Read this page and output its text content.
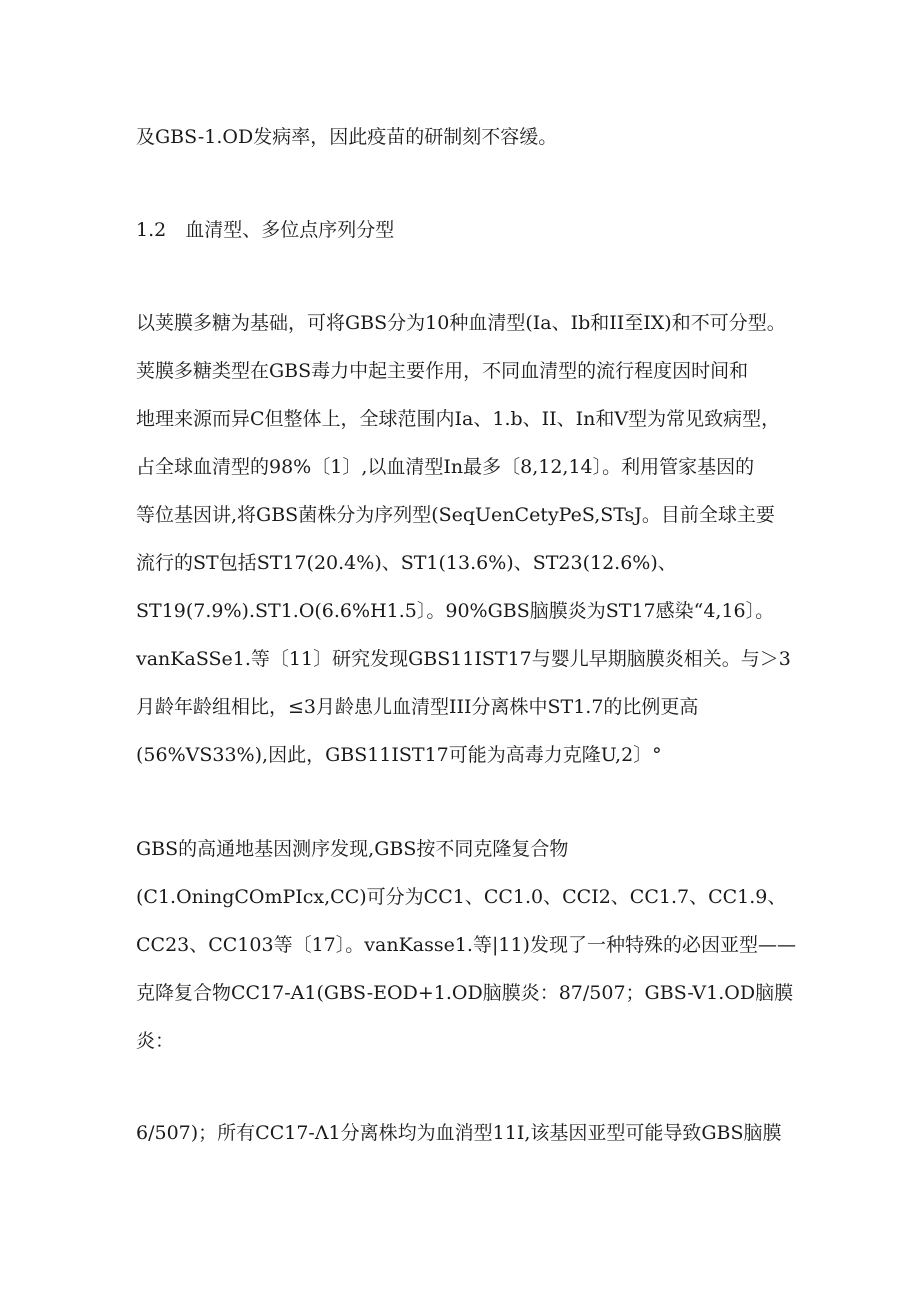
及GBS-1.OD发病率，因此疫苗的研制刻不容缓。
1.2　血清型、多位点序列分型
以荚膜多糖为基础，可将GBS分为10种血清型(Ia、Ib和II至IX)和不可分型。
荚膜多糖类型在GBS毒力中起主要作用，不同血清型的流行程度因时间和
地理来源而异C但整体上，全球范围内Ia、1.b、II、In和V型为常见致病型，
占全球血清型的98%〔1〕,以血清型In最多〔8,12,14〕。利用管家基因的
等位基因讲,将GBS菌株分为序列型(SeqUenCetyPeS,STsJ。目前全球主要
流行的ST包括ST17(20.4%)、ST1(13.6%)、ST23(12.6%)、
ST19(7.9%).ST1.O(6.6%H1.5〕。90%GBS脑膜炎为ST17感染“4,16〕。
vanKaSSe1.等〔11〕研究发现GBS11IST17与婴儿早期脑膜炎相关。与＞3
月龄年龄组相比，≤3月龄患儿血清型III分离株中ST1.7的比例更高
(56%VS33%),因此，GBS11IST17可能为高毒力克隆U,2〕°
GBS的高通地基因测序发现,GBS按不同克隆复合物
(C1.OningCOmPIcx,CC)可分为CC1、CC1.0、CCI2、CC1.7、CC1.9、
CC23、CC103等〔17〕。vanKasse1.等|11)发现了一种特殊的必因亚型——
克降复合物CC17-A1(GBS-EOD+1.OD脑膜炎：87/507；GBS-V1.OD脑膜
炎：
6/507)；所有CC17-Λ1分离株均为血消型11I,该基因亚型可能导致GBS脑膜
